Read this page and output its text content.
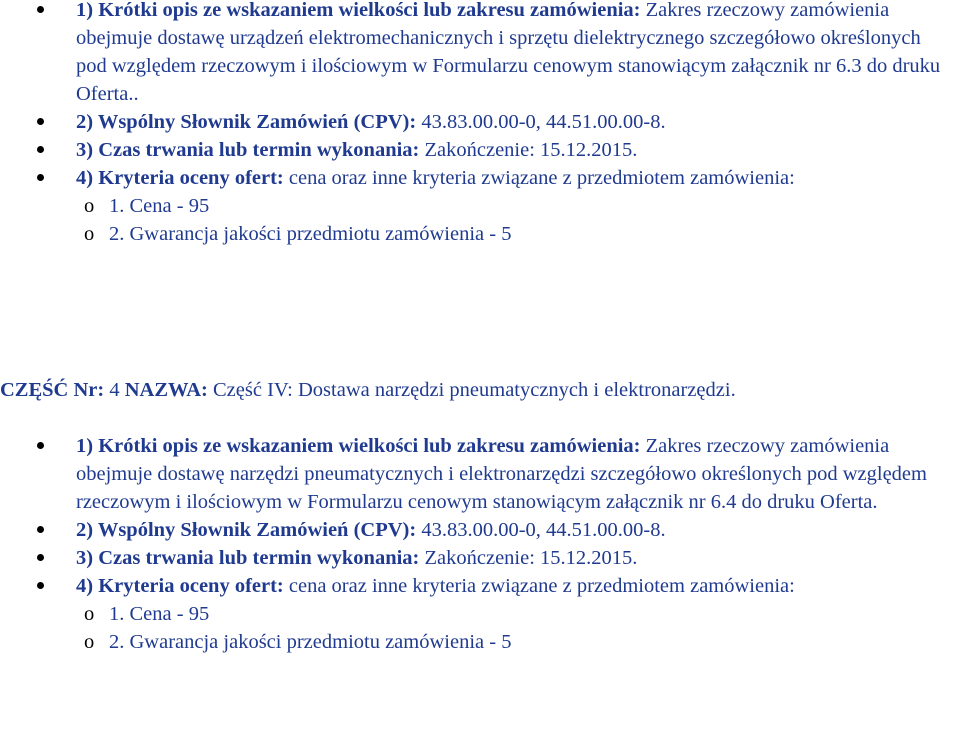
1) Krótki opis ze wskazaniem wielkości lub zakresu zamówienia: Zakres rzeczowy zamówienia obejmuje dostawę urządzeń elektromechanicznych i sprzętu dielektrycznego szczegółowo określonych pod względem rzeczowym i ilościowym w Formularzu cenowym stanowiącym załącznik nr 6.3 do druku Oferta..
2) Wspólny Słownik Zamówień (CPV): 43.83.00.00-0, 44.51.00.00-8.
3) Czas trwania lub termin wykonania: Zakończenie: 15.12.2015.
4) Kryteria oceny ofert: cena oraz inne kryteria związane z przedmiotem zamówienia:
o 1. Cena - 95
o 2. Gwarancja jakości przedmiotu zamówienia - 5
CZĘŚĆ Nr: 4 NAZWA: Część IV: Dostawa narzędzi pneumatycznych i elektronarzędzi.
1) Krótki opis ze wskazaniem wielkości lub zakresu zamówienia: Zakres rzeczowy zamówienia obejmuje dostawę narzędzi pneumatycznych i elektronarzędzi szczegółowo określonych pod względem rzeczowym i ilościowym w Formularzu cenowym stanowiącym załącznik nr 6.4 do druku Oferta.
2) Wspólny Słownik Zamówień (CPV): 43.83.00.00-0, 44.51.00.00-8.
3) Czas trwania lub termin wykonania: Zakończenie: 15.12.2015.
4) Kryteria oceny ofert: cena oraz inne kryteria związane z przedmiotem zamówienia:
o 1. Cena - 95
o 2. Gwarancja jakości przedmiotu zamówienia - 5
